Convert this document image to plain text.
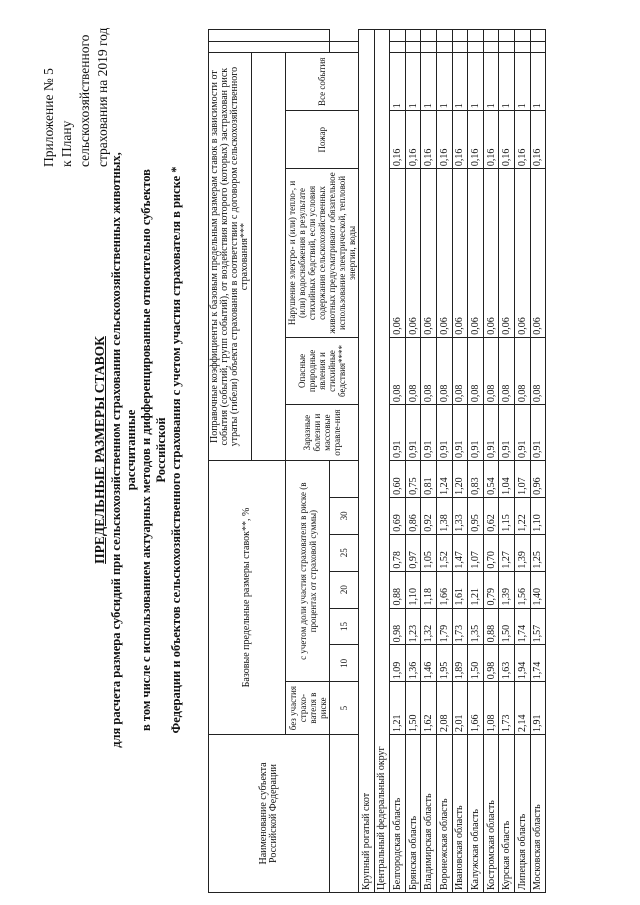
Приложение № 5 к Плану сельскохозяйственного страхования на 2019 год
ПРЕДЕЛЬНЫЕ РАЗМЕРЫ СТАВОК для расчета размера субсидий при сельскохозяйственном страховании сельскохозяйственных животных, рассчитанные в том числе с использованием актуарных методов и дифференцированные относительно субъектов Российской Федерации и объектов сельскохозяйственного страхования с учетом участия страхователя в риске *
Наименование субъекта Российской Федерации	Базовые предельные размеры ставок**, %							Поправочные коэффициенты к базовым предельным размерам ставок в зависимости от события (событий, групп событий), от воздействия которого (которых) застрахован риск утраты (гибели) объекта страхования в соответствии с договором сельскохозяйственного страхования***						

	без участия страхо-вателя в риске	с учетом доли участия страхователя в риске (в процентах от страховой суммы)						Заразные болезни и массовые отравле-ния	Опасные природные явления и стихийные бедствия****	Нарушение электро- и (или) тепло-, и (или) водоснабжения в результате стихийных бедствий, если условия содержания сельскохозяйственных животных предусматривают обязательное использование электрической, тепловой энергии, воды	Пожар	Все события		
	5	10	15	20	25	30								
Крупный рогатый скот														
Центральный федеральный округ														
Белгородская область	1,21	1,09	0,98	0,88	0,78	0,69	0,60	0,91	0,08	0,06	0,16	1		
Брянская область	1,50	1,36	1,23	1,10	0,97	0,86	0,75	0,91	0,08	0,06	0,16	1		
Владимирская область	1,62	1,46	1,32	1,18	1,05	0,92	0,81	0,91	0,08	0,06	0,16	1		
Воронежская область	2,08	1,95	1,79	1,66	1,52	1,38	1,24	0,91	0,08	0,06	0,16	1		
Ивановская область	2,01	1,89	1,73	1,61	1,47	1,33	1,20	0,91	0,08	0,06	0,16	1		
Калужская область	1,66	1,50	1,35	1,21	1,07	0,95	0,83	0,91	0,08	0,06	0,16	1		
Костромская область	1,08	0,98	0,88	0,79	0,70	0,62	0,54	0,91	0,08	0,06	0,16	1		
Курская область	1,73	1,63	1,50	1,39	1,27	1,15	1,04	0,91	0,08	0,06	0,16	1		
Липецкая область	2,14	1,94	1,74	1,56	1,39	1,22	1,07	0,91	0,08	0,06	0,16	1		
Московская область	1,91	1,74	1,57	1,40	1,25	1,10	0,96	0,91	0,08	0,06	0,16	1		
